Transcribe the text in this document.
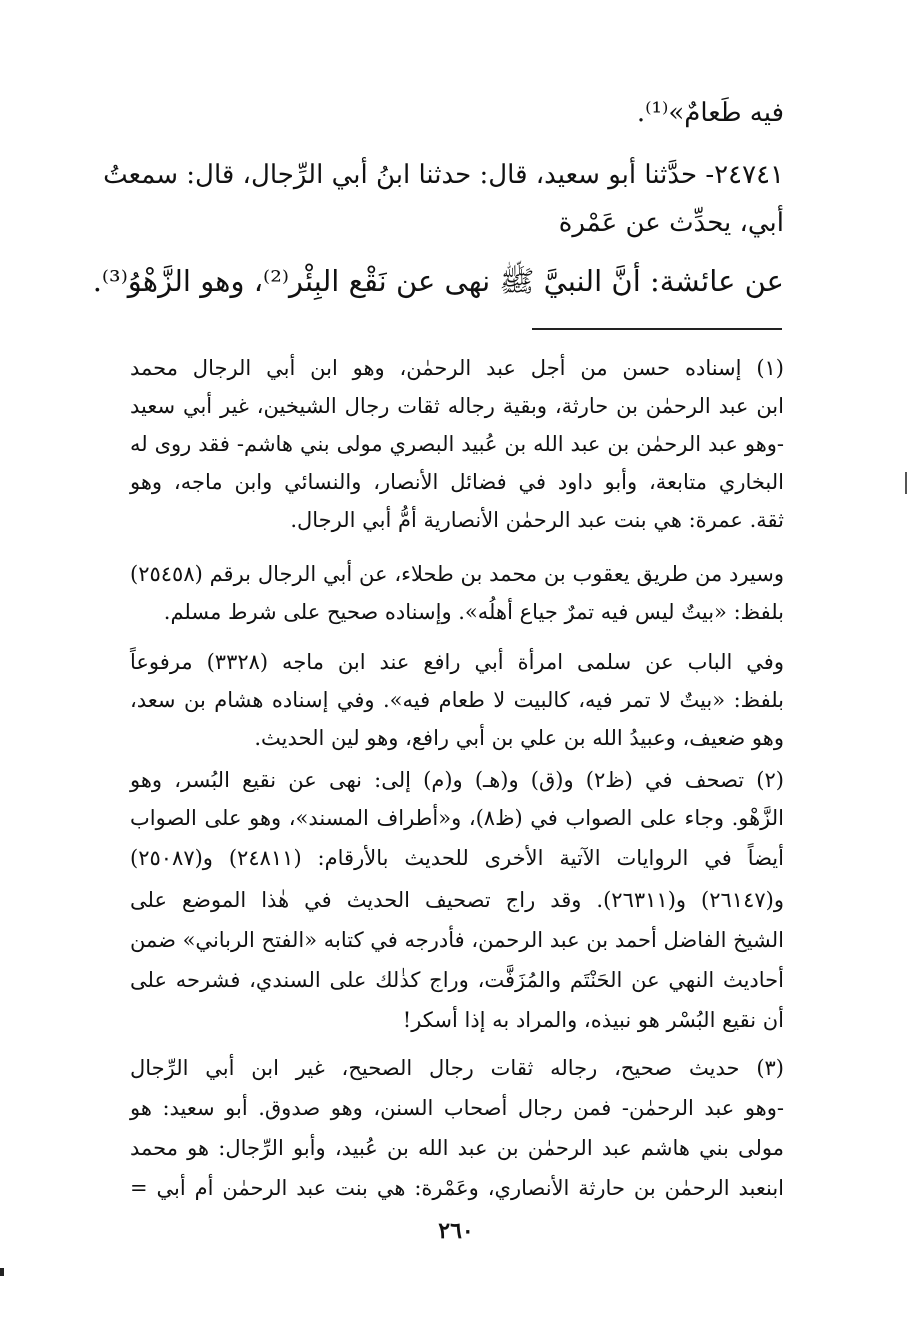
فيه طَعامٌ»⁽¹⁾.
٢٤٧٤١- حدَّثنا أبو سعيد، قال: حدثنا ابنُ أبي الرِّجال، قال: سمعتُ
أبي، يحدِّث عن عَمْرة
عن عائشة: أنَّ النبيَّ ﷺ نهى عن نَقْع البِئْر⁽²⁾، وهو الزَّهْوُ⁽³⁾.
(١) إسناده حسن من أجل عبد الرحمٰن، وهو ابن أبي الرجال محمد
ابن عبد الرحمٰن بن حارثة، وبقية رجاله ثقات رجال الشيخين، غير أبي سعيد
-وهو عبد الرحمٰن بن عبد الله بن عُبيد البصري مولى بني هاشم- فقد روى له
البخاري متابعة، وأبو داود في فضائل الأنصار، والنسائي وابن ماجه، وهو
ثقة. عمرة: هي بنت عبد الرحمٰن الأنصارية أمُّ أبي الرجال.
وسيرد من طريق يعقوب بن محمد بن طحلاء، عن أبي الرجال برقم (٢٥٤٥٨)
بلفظ: «بيتٌ ليس فيه تمرٌ جياع أهلُه». وإسناده صحيح على شرط مسلم.
وفي الباب عن سلمى امرأة أبي رافع عند ابن ماجه (٣٣٢٨) مرفوعاً
بلفظ: «بيتٌ لا تمر فيه، كالبيت لا طعام فيه». وفي إسناده هشام بن سعد،
وهو ضعيف، وعبيدُ الله بن علي بن أبي رافع، وهو لين الحديث.
(٢) تصحف في (ظ٢) و(ق) و(هـ) و(م) إلى: نهى عن نقيع البُسر، وهو
الزَّهْو. وجاء على الصواب في (ظ٨)، و«أطراف المسند»، وهو على الصواب
أيضاً في الروايات الآتية الأخرى للحديث بالأرقام: (٢٤٨١١) و(٢٥٠٨٧)
و(٢٦١٤٧) و(٢٦٣١١). وقد راج تصحيف الحديث في هٰذا الموضع على
الشيخ الفاضل أحمد بن عبد الرحمن، فأدرجه في كتابه «الفتح الرباني» ضمن
أحاديث النهي عن الحَنْتَم والمُزَفَّت، وراج كذٰلك على السندي، فشرحه على
أن نقيع البُسْر هو نبيذه، والمراد به إذا أسكر!
(٣) حديث صحيح، رجاله ثقات رجال الصحيح، غير ابن أبي الرِّجال
-وهو عبد الرحمٰن- فمن رجال أصحاب السنن، وهو صدوق. أبو سعيد: هو
مولى بني هاشم عبد الرحمٰن بن عبد الله بن عُبيد، وأبو الرِّجال: هو محمد
ابنعبد الرحمٰن بن حارثة الأنصاري، وعَمْرة: هي بنت عبد الرحمٰن أم أبي =
٢٦٠
